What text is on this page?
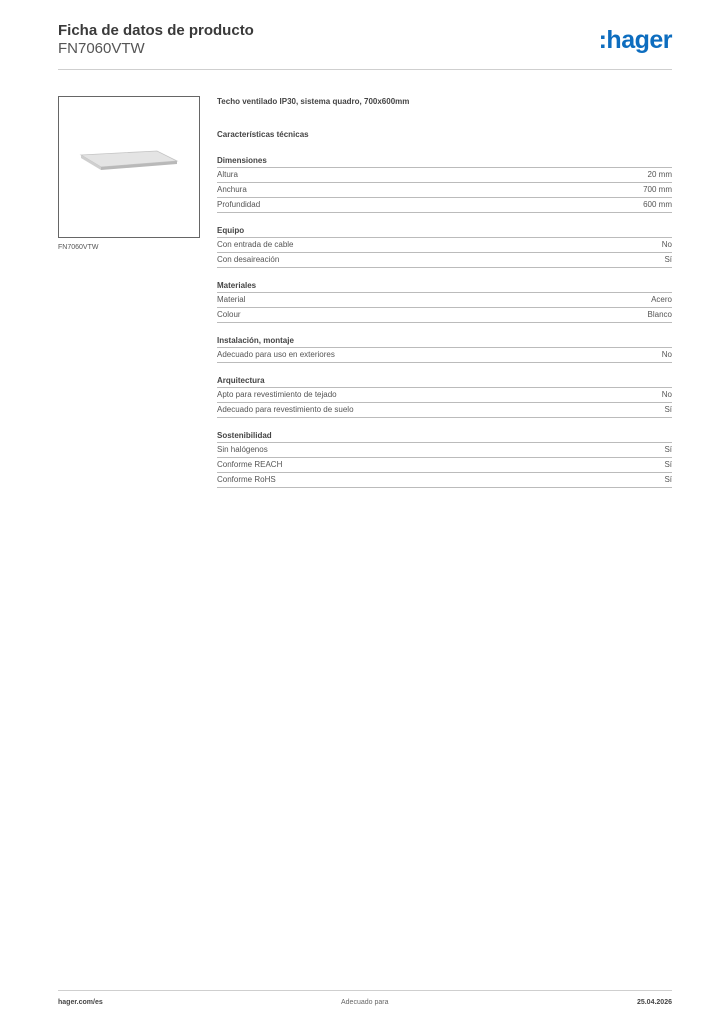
Ficha de datos de producto
FN7060VTW	:hager
FN7060VTW
Techo ventilado IP30, sistema quadro, 700x600mm
Características técnicas
Dimensiones
Altura	20 mm
Anchura	700 mm
Profundidad	600 mm
Equipo
Con entrada de cable	No
Con desaireación	Sí
Materiales
Material	Acero
Colour	Blanco
Instalación, montaje
Adecuado para uso en exteriores	No
Arquitectura
Apto para revestimiento de tejado	No
Adecuado para revestimiento de suelo	Sí
Sostenibilidad
Sin halógenos	Sí
Conforme REACH	Sí
Conforme RoHS	Sí
hager.com/es	Adecuado para	25.04.2026
